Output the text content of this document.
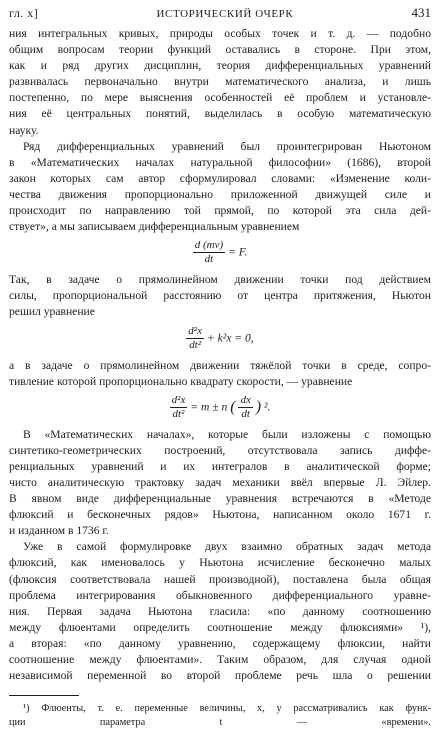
гл. x]	ИСТОРИЧЕСКИЙ ОЧЕРК	431
ния интегральных кривых, природы особых точек и т. д. — подобно
общим вопросам теории функций оставались в стороне. При этом,
как и ряд других дисциплин, теория дифференциальных уравнений
развивалась первоначально внутри математического анализа, и лишь
постепенно, по мере выяснения особенностей её проблем и установле-
ния её центральных понятий, выделилась в особую математическую
науку.
Ряд дифференциальных уравнений был проинтегрирован Ньютоном
в «Математических началах натуральной философии» (1686), второй
закон которых сам автор сформулировал словами: «Изменение коли-
чества движения пропорционально приложенной движущей силе и
происходит по направлению той прямой, по которой эта сила дей-
ствует», а мы записываем дифференциальным уравнением
$\frac{d (mv)}{dt} = F$.
Так, в задаче о прямолинейном движении точки под действием
силы, пропорциональной расстоянию от центра притяжения, Ньютон
решил уравнение
$\frac{\text{d²x}}{\text{dt²}} + k^2x = 0$,
а в задаче о прямолинейном движении тяжёлой точки в среде, сопро-
тивление которой пропорционально квадрату скорости, — уравнение
$\frac{\text{d²x}}{\text{dt²}} = m \pm n$ ( $\frac{dx}{dt}$ ) ².
В «Математических началах», которые были изложены с помощью
синтетико-геометрических построений, отсутствовала запись диффе-
ренциальных уравнений и их интегралов в аналитической форме;
чисто аналитическую трактовку задач механики ввёл впервые Л. Эйлер.
В явном виде дифференциальные уравнения встречаются в «Методе
флюксий и бесконечных рядов» Ньютона, написанном около 1671 г.
и изданном в 1736 г.
Уже в самой формулировке двух взаимно обратных задач метода
флюксий, как именовалось у Ньютона исчисление бесконечно малых
(флюксия соответствовала нашей производной), поставлена была общая
проблема интегрирования обыкновенного дифференциального уравне-
ния. Первая задача Ньютона гласила: «по данному соотношению
между флюентами определить соотношение между флюксиями» ¹),
а вторая: «по данному уравнению, содержащему флюксии, найти
соотношение между флюентами». Таким образом, для случая одной
независимой переменной во второй проблеме речь шла о решении
¹) Флюенты, т. е. переменные величины, x, y рассматривались как функ-
ции параметра t — «времени».
